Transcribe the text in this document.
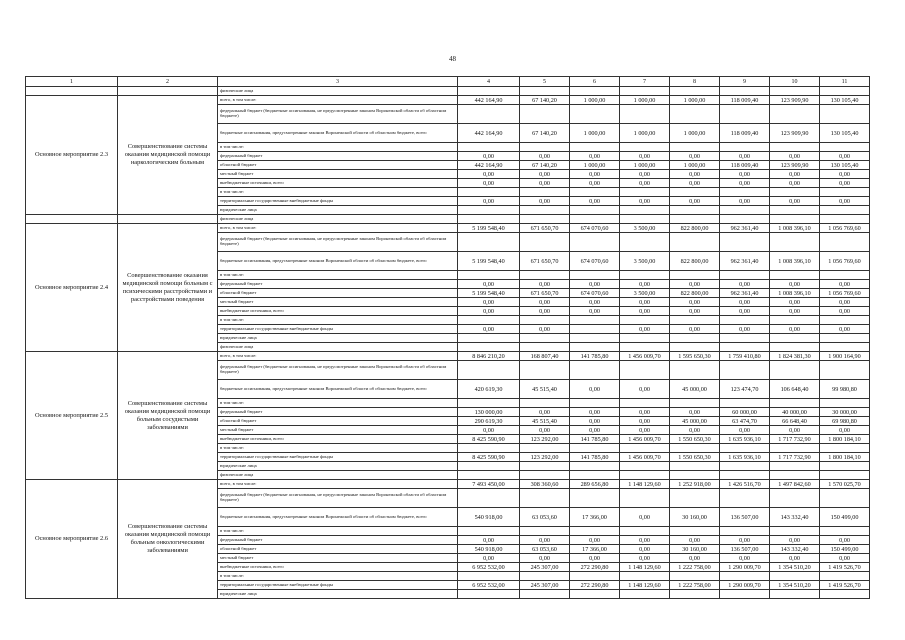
48
1	2	3	4	5	6	7	8	9	10	11
		физические лица								
Основное мероприятие 2.3	Совершенствование системы оказания медицинской помощи наркологическим больным	всего, в том числе:	442 164,90	67 140,20	1 000,00	1 000,00	1 000,00	118 009,40	123 909,90	130 105,40
		федеральный бюджет (бюджетные ассигнования, не предусмотренные законом Воронежской области об областном бюджете)								
		бюджетные ассигнования, предусмотренные законом Воронежской области об областном бюджете, всего	442 164,90	67 140,20	1 000,00	1 000,00	1 000,00	118 009,40	123 909,90	130 105,40
		в том числе:								
		федеральный бюджет	0,00	0,00	0,00	0,00	0,00	0,00	0,00	0,00
		областной бюджет	442 164,90	67 140,20	1 000,00	1 000,00	1 000,00	118 009,40	123 909,90	130 105,40
		местный бюджет	0,00	0,00	0,00	0,00	0,00	0,00	0,00	0,00
		внебюджетные источники, всего	0,00	0,00	0,00	0,00	0,00	0,00	0,00	0,00
		в том числе:								
		территориальные государственные внебюджетные фонды	0,00	0,00	0,00	0,00	0,00	0,00	0,00	0,00
		юридические лица								
		физические лица								
Основное мероприятие 2.4	Совершенствование оказания медицинской помощи больным с психическими расстройствами и расстройствами поведения	всего, в том числе:	5 199 548,40	671 650,70	674 070,60	3 500,00	822 800,00	962 361,40	1 008 396,10	1 056 769,60
		федеральный бюджет (бюджетные ассигнования, не предусмотренные законом Воронежской области об областном бюджете)								
		бюджетные ассигнования, предусмотренные законом Воронежской области об областном бюджете, всего	5 199 548,40	671 650,70	674 070,60	3 500,00	822 800,00	962 361,40	1 008 396,10	1 056 769,60
		в том числе:								
		федеральный бюджет	0,00	0,00	0,00	0,00	0,00	0,00	0,00	0,00
		областной бюджет	5 199 548,40	671 650,70	674 070,60	3 500,00	822 800,00	962 361,40	1 008 396,10	1 056 769,60
		местный бюджет	0,00	0,00	0,00	0,00	0,00	0,00	0,00	0,00
		внебюджетные источники, всего	0,00	0,00	0,00	0,00	0,00	0,00	0,00	0,00
		в том числе:								
		территориальные государственные внебюджетные фонды	0,00	0,00		0,00	0,00	0,00	0,00	0,00
		юридические лица								
		физические лица								
Основное мероприятие 2.5	Совершенствование системы оказания медицинской помощи больным сосудистыми заболеваниями	всего, в том числе:	8 846 210,20	168 807,40	141 785,80	1 456 009,70	1 595 650,30	1 759 410,80	1 824 381,30	1 900 164,90
		федеральный бюджет (бюджетные ассигнования, не предусмотренные законом Воронежской области об областном бюджете)								
		бюджетные ассигнования, предусмотренные законом Воронежской области об областном бюджете, всего	420 619,30	45 515,40	0,00	0,00	45 000,00	123 474,70	106 648,40	99 980,80
		в том числе:								
		федеральный бюджет	130 000,00	0,00	0,00	0,00	0,00	60 000,00	40 000,00	30 000,00
		областной бюджет	290 619,30	45 515,40	0,00	0,00	45 000,00	63 474,70	66 648,40	69 980,80
		местный бюджет	0,00	0,00	0,00	0,00	0,00	0,00	0,00	0,00
		внебюджетные источники, всего	8 425 590,90	123 292,00	141 785,80	1 456 009,70	1 550 650,30	1 635 936,10	1 717 732,90	1 800 184,10
		в том числе:								
		территориальные государственные внебюджетные фонды	8 425 590,90	123 292,00	141 785,80	1 456 009,70	1 550 650,30	1 635 936,10	1 717 732,90	1 800 184,10
		юридические лица								
		физические лица								
Основное мероприятие 2.6	Совершенствование системы оказания медицинской помощи больным онкологическими заболеваниями	всего, в том числе:	7 493 450,00	308 360,60	289 656,80	1 148 129,60	1 252 918,00	1 426 516,70	1 497 842,60	1 570 025,70
		федеральный бюджет (бюджетные ассигнования, не предусмотренные законом Воронежской области об областном бюджете)								
		бюджетные ассигнования, предусмотренные законом Воронежской области об областном бюджете, всего	540 918,00	63 053,60	17 366,00	0,00	30 160,00	136 507,00	143 332,40	150 499,00
		в том числе:								
		федеральный бюджет	0,00	0,00	0,00	0,00	0,00	0,00	0,00	0,00
		областной бюджет	540 918,00	63 053,60	17 366,00	0,00	30 160,00	136 507,00	143 332,40	150 499,00
		местный бюджет	0,00	0,00	0,00	0,00	0,00	0,00	0,00	0,00
		внебюджетные источники, всего	6 952 532,00	245 307,00	272 290,80	1 148 129,60	1 222 758,00	1 290 009,70	1 354 510,20	1 419 526,70
		в том числе:								
		территориальные государственные внебюджетные фонды	6 952 532,00	245 307,00	272 290,80	1 148 129,60	1 222 758,00	1 290 009,70	1 354 510,20	1 419 526,70
		юридические лица								
